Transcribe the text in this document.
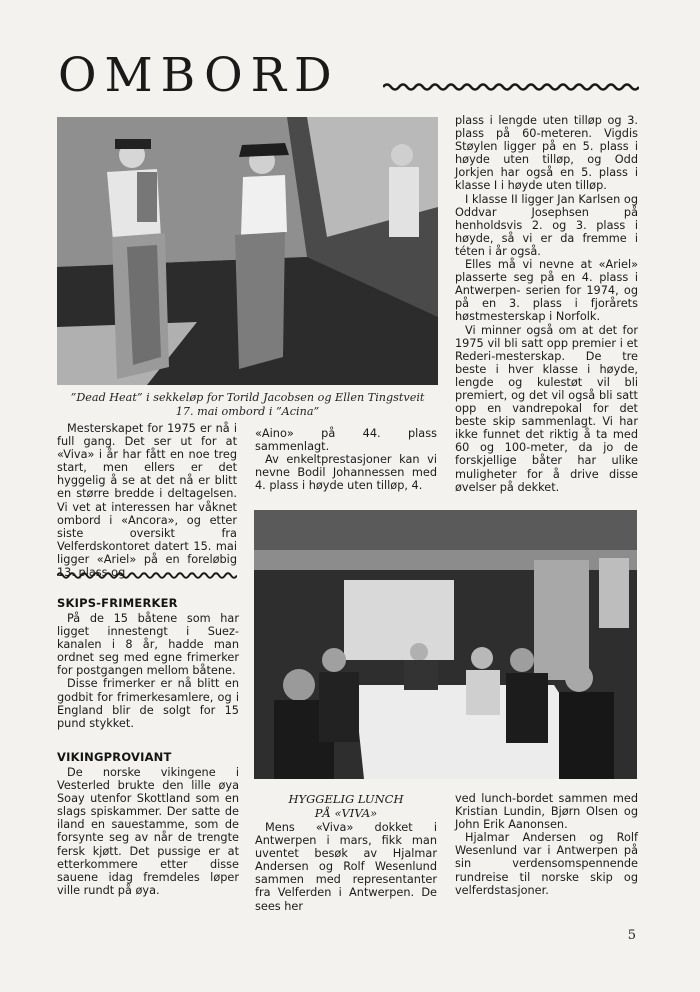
OMBORD

”Dead Heat” i sekkeløp for Torild Jacobsen og Ellen Tingstveit

17. mai ombord i ”Acina”

Mesterskapet for 1975 er nå i full gang. Det ser ut for at «Viva» i år har fått en noe treg start, men ellers er det hyggelig å se at det nå er blitt en større bredde i deltagelsen. Vi vet at interessen har våknet ombord i «Ancora», og etter siste oversikt fra Velferdskontoret datert 15. mai ligger «Ariel» på en foreløbig 13. plass og

«Aino» på 44. plass sammenlagt.

Av enkeltprestasjoner kan vi nevne Bodil Johannessen med 4. plass i høyde uten tilløp, 4.

plass i lengde uten tilløp og 3. plass på 60-meteren. Vigdis Støylen ligger på en 5. plass i høyde uten tilløp, og Odd Jorkjen har også en 5. plass i klasse I i høyde uten tilløp.

I klasse II ligger Jan Karlsen og Oddvar Josephsen på henholdsvis 2. og 3. plass i høyde, så vi er da fremme i téten i år også.

Elles må vi nevne at «Ariel» plasserte seg på en 4. plass i Antwerpen- serien for 1974, og på en 3. plass i fjorårets høstmesterskap i Norfolk.

Vi minner også om at det for 1975 vil bli satt opp premier i et Rederi-mesterskap. De tre beste i hver klasse i høyde, lengde og kulestøt vil bli premiert, og det vil også bli satt opp en vandrepokal for det beste skip sammenlagt. Vi har ikke funnet det riktig å ta med 60 og 100-meter, da jo de forskjellige båter har ulike muligheter for å drive disse øvelser på dekket.

SKIPS-FRIMERKER

På de 15 båtene som har ligget innestengt i Suez-kanalen i 8 år, hadde man ordnet seg med egne frimerker for postgangen mellom båtene.

Disse frimerker er nå blitt en godbit for frimerkesamlere, og i England blir de solgt for 15 pund stykket.

VIKINGPROVIANT

De norske vikingene i Vesterled brukte den lille øya Soay utenfor Skottland som en slags spiskammer. Der satte de iland en sauestamme, som de forsynte seg av når de trengte fersk kjøtt. Det pussige er at etterkommere etter disse sauene idag fremdeles løper ville rundt på øya.

HYGGELIG LUNCH

PÅ «VIVA»

Mens «Viva» dokket i Antwerpen i mars, fikk man uventet besøk av Hjalmar Andersen og Rolf Wesenlund sammen med representanter fra Velferden i Antwerpen. De sees her

ved lunch-bordet sammen med Kristian Lundin, Bjørn Olsen og John Erik Aanonsen.

Hjalmar Andersen og Rolf Wesenlund var i Antwerpen på sin verdensomspennende rundreise til norske skip og velferdstasjoner.

5
